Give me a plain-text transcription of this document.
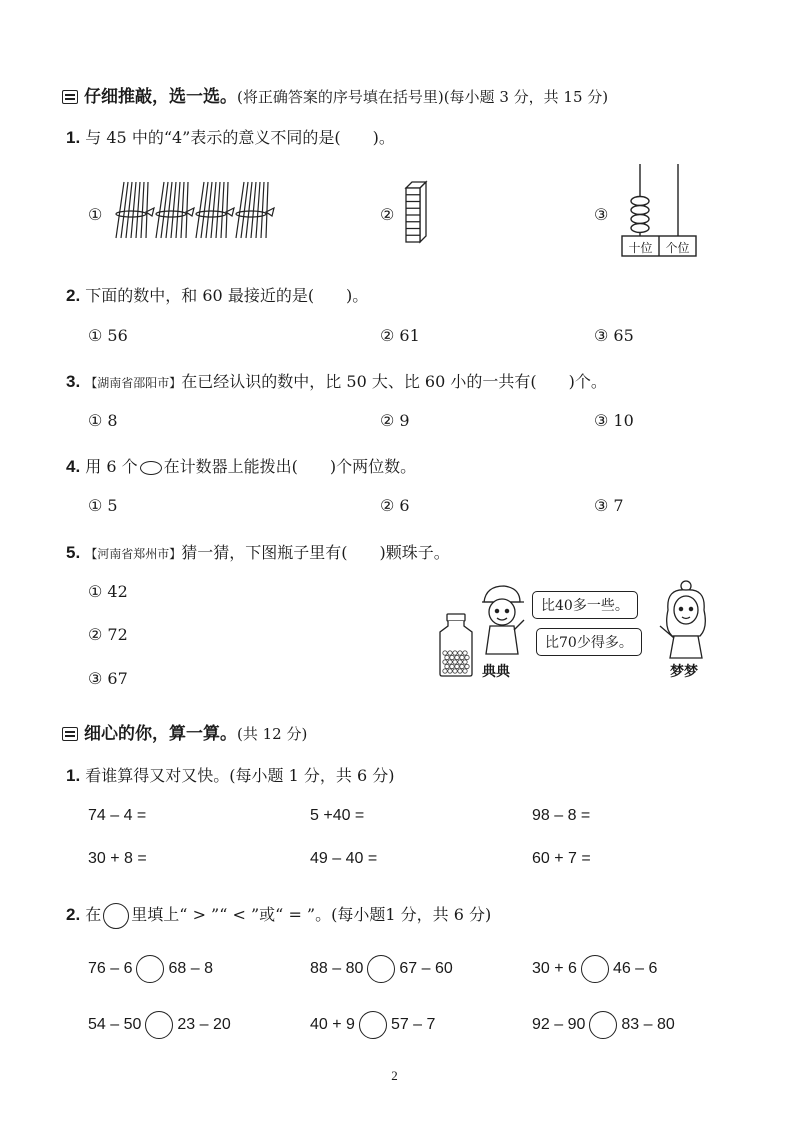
仔细推敲，选一选。(将正确答案的序号填在括号里)(每小题 3 分，共 15 分)
1. 与 45 中的“4”表示的意义不同的是(　　)。
①	②	③
十位	个位
2. 下面的数中，和 60 最接近的是(　　)。
① 56	② 61	③ 65
3. 【湖南省邵阳市】在已经认识的数中，比 50 大、比 60 小的一共有(　　)个。
① 8	② 9	③ 10
4. 用 6 个 在计数器上能拨出(　　)个两位数。
① 5	② 6	③ 7
5. 【河南省郑州市】猜一猜，下图瓶子里有(　　)颗珠子。
① 42
② 72
③ 67
比40多一些。
比70少得多。
典典	梦梦
细心的你，算一算。(共 12 分)
1. 看谁算得又对又快。(每小题 1 分，共 6 分)
74 – 4 =	5 +40 =	98 – 8 =
30 + 8 =	49 – 40 =	60 + 7 =
2. 在 里填上“ > ”“ < ”或“ = ”。(每小题1 分，共 6 分)
76 – 6 68 – 8	88 – 80 67 – 60	30 + 6 46 – 6
54 – 50 23 – 20	40 + 9 57 – 7	92 – 90 83 – 80
2
